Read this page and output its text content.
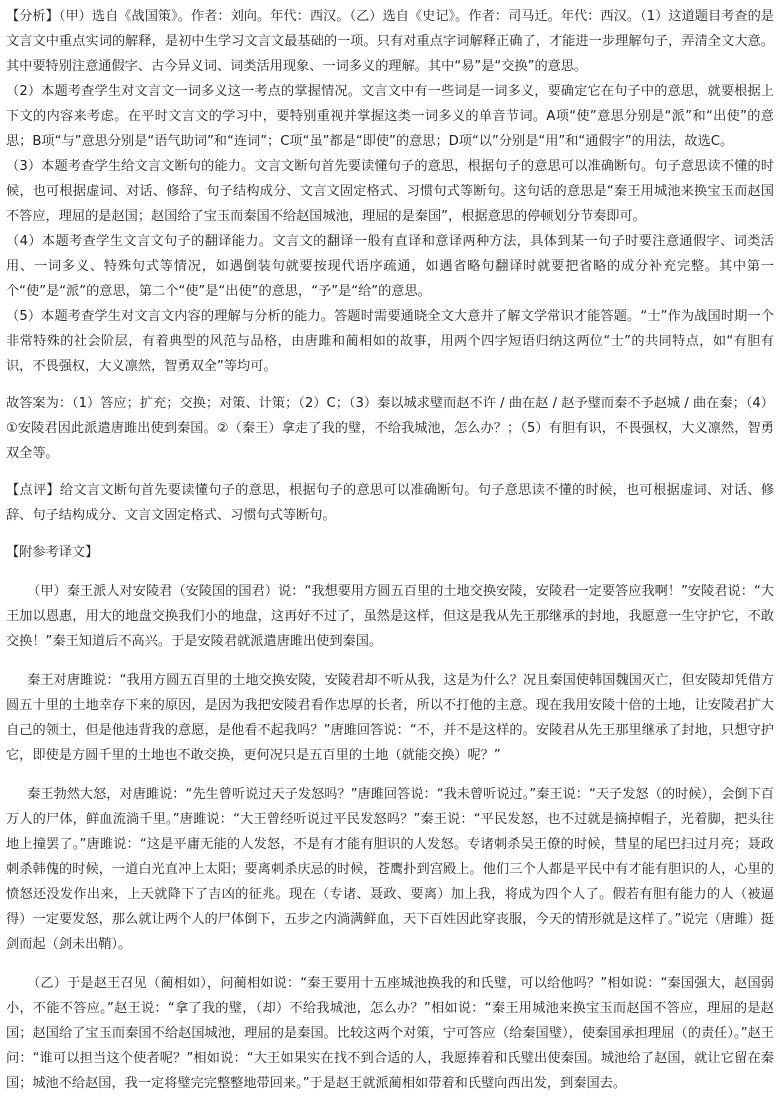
【分析】（甲）选自《战国策》。作者：刘向。年代：西汉。（乙）选自《史记》。作者：司马迁。年代：西汉。（1）这道题目考查的是文言文中重点实词的解释，是初中生学习文言文最基础的一项。只有对重点字词解释正确了，才能进一步理解句子，弄清全文大意。其中要特别注意通假字、古今异义词、词类活用现象、一词多义的理解。其中“易”是“交换”的意思。

（2）本题考查学生对文言文一词多义这一考点的掌握情况。文言文中有一些词是一词多义，要确定它在句子中的意思，就要根据上下文的内容来考虑。在平时文言文的学习中，要特别重视并掌握这类一词多义的单音节词。A项“使”意思分别是“派”和“出使”的意思；B项“与”意思分别是“语气助词”和“连词”；C项“虽”都是“即使”的意思；D项“以”分别是“用”和“通假字”的用法，故选C。

（3）本题考查学生给文言文断句的能力。文言文断句首先要读懂句子的意思，根据句子的意思可以准确断句。句子意思读不懂的时候，也可根据虚词、对话、修辞、句子结构成分、文言文固定格式、习惯句式等断句。这句话的意思是“秦王用城池来换宝玉而赵国不答应，理屈的是赵国；赵国给了宝玉而秦国不给赵国城池，理屈的是秦国”，根据意思的停顿划分节奏即可。

（4）本题考查学生文言文句子的翻译能力。文言文的翻译一般有直译和意译两种方法，具体到某一句子时要注意通假字、词类活用、一词多义、特殊句式等情况，如遇倒装句就要按现代语序疏通，如遇省略句翻译时就要把省略的成分补充完整。其中第一个“使”是“派”的意思，第二个“使”是“出使”的意思，“予”是“给”的意思。

（5）本题考查学生对文言文内容的理解与分析的能力。答题时需要通晓全文大意并了解文学常识才能答题。“士”作为战国时期一个非常特殊的社会阶层，有着典型的风范与品格，由唐雎和蔺相如的故事，用两个四字短语归纳这两位“士”的共同特点，如“有胆有识，不畏强权，大义凛然，智勇双全”等均可。

故答案为：（1）答应；扩充；交换；对策、计策；（2）C；（3）秦以城求璧而赵不许 / 曲在赵 / 赵予璧而秦不予赵城 / 曲在秦；（4）①安陵君因此派遣唐雎出使到秦国。②（秦王）拿走了我的璧，不给我城池，怎么办？；（5）有胆有识，不畏强权，大义凛然，智勇双全等。

【点评】给文言文断句首先要读懂句子的意思，根据句子的意思可以准确断句。句子意思读不懂的时候，也可根据虚词、对话、修辞、句子结构成分、文言文固定格式、习惯句式等断句。

【附参考译文】

（甲）秦王派人对安陵君（安陵国的国君）说：“我想要用方圆五百里的土地交换安陵，安陵君一定要答应我啊！”安陵君说：“大王加以恩惠，用大的地盘交换我们小的地盘，这再好不过了，虽然是这样，但这是我从先王那继承的封地，我愿意一生守护它，不敢交换！”秦王知道后不高兴。于是安陵君就派遣唐雎出使到秦国。

秦王对唐雎说：“我用方圆五百里的土地交换安陵，安陵君却不听从我，这是为什么？况且秦国使韩国魏国灭亡，但安陵却凭借方圆五十里的土地幸存下来的原因，是因为我把安陵君看作忠厚的长者，所以不打他的主意。现在我用安陵十倍的土地，让安陵君扩大自己的领土，但是他违背我的意愿，是他看不起我吗？”唐雎回答说：“不，并不是这样的。安陵君从先王那里继承了封地，只想守护它，即使是方圆千里的土地也不敢交换，更何况只是五百里的土地（就能交换）呢？”

秦王勃然大怒，对唐雎说：“先生曾听说过天子发怒吗？”唐雎回答说：“我未曾听说过。”秦王说：“天子发怒（的时候），会倒下百万人的尸体，鲜血流淌千里。”唐雎说：“大王曾经听说过平民发怒吗？”秦王说：“平民发怒，也不过就是摘掉帽子，光着脚，把头往地上撞罢了。”唐雎说：“这是平庸无能的人发怒，不是有才能有胆识的人发怒。专诸刺杀吴王僚的时候，彗星的尾巴扫过月亮；聂政刺杀韩傀的时候，一道白光直冲上太阳；要离刺杀庆忌的时候，苍鹰扑到宫殿上。他们三个人都是平民中有才能有胆识的人，心里的愤怒还没发作出来，上天就降下了吉凶的征兆。现在（专诸、聂政、要离）加上我，将成为四个人了。假若有胆有能力的人（被逼得）一定要发怒，那么就让两个人的尸体倒下，五步之内淌满鲜血，天下百姓因此穿丧服，今天的情形就是这样了。”说完（唐雎）挺剑而起（剑未出鞘）。

（乙）于是赵王召见（蔺相如），问蔺相如说：“秦王要用十五座城池换我的和氏璧，可以给他吗？”相如说：“秦国强大，赵国弱小，不能不答应。”赵王说：“拿了我的璧，（却）不给我城池，怎么办？”相如说：“秦王用城池来换宝玉而赵国不答应，理屈的是赵国；赵国给了宝玉而秦国不给赵国城池，理屈的是秦国。比较这两个对策，宁可答应（给秦国璧），使秦国承担理屈（的责任）。”赵王问：“谁可以担当这个使者呢？”相如说：“大王如果实在找不到合适的人，我愿捧着和氏璧出使秦国。城池给了赵国，就让它留在秦国；城池不给赵国，我一定将璧完完整整地带回来。”于是赵王就派蔺相如带着和氏璧向西出发，到秦国去。
